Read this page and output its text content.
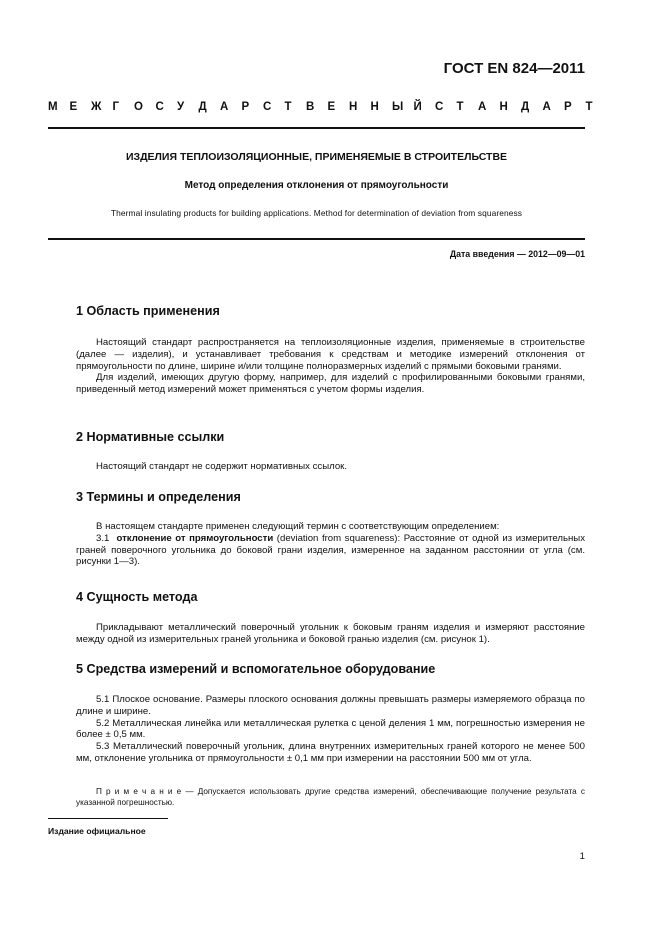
ГОСТ EN 824—2011
М	Е	Ж Г	О	С	У	Д	А	Р	С	Т	В	Е	Н	Н	Ы Й	С	Т	А	Н	Д	А	Р	Т
ИЗДЕЛИЯ ТЕПЛОИЗОЛЯЦИОННЫЕ, ПРИМЕНЯЕМЫЕ В СТРОИТЕЛЬСТВЕ
Метод определения отклонения от прямоугольности
Thermal insulating products for building applications. Method for determination of deviation from squareness
Дата введения — 2012—09—01
1 Область применения

Настоящий стандарт распространяется на теплоизоляционные изделия, применяемые в строительстве (далее — изделия), и устанавливает требования к средствам и методике измерений отклонения от прямоугольности по длине, ширине и/или толщине полноразмерных изделий с прямыми боковыми гранями.

Для изделий, имеющих другую форму, например, для изделий с профилированными боковыми гранями, приведенный метод измерений может применяться с учетом формы изделия.

2 Нормативные ссылки

Настоящий стандарт не содержит нормативных ссылок.

3 Термины и определения

В настоящем стандарте применен следующий термин с соответствующим определением:

3.1 отклонение от прямоугольности (deviation from squareness): Расстояние от одной из измерительных граней поверочного угольника до боковой грани изделия, измеренное на заданном расстоянии от угла (см. рисунки 1—3).

4 Сущность метода

Прикладывают металлический поверочный угольник к боковым граням изделия и измеряют расстояние между одной из измерительных граней угольника и боковой гранью изделия (см. рисунок 1).

5 Средства измерений и вспомогательное оборудование

5.1 Плоское основание. Размеры плоского основания должны превышать размеры измеряемого образца по длине и ширине.

5.2 Металлическая линейка или металлическая рулетка с ценой деления 1 мм, погрешностью измерения не более ± 0,5 мм.

5.3 Металлический поверочный угольник, длина внутренних измерительных граней которого не менее 500 мм, отклонение угольника от прямоугольности ± 0,1 мм при измерении на расстоянии 500 мм от угла.

П р и м е ч а н и е — Допускается использовать другие средства измерений, обеспечивающие получение результата с указанной погрешностью.
Издание официальное
1
